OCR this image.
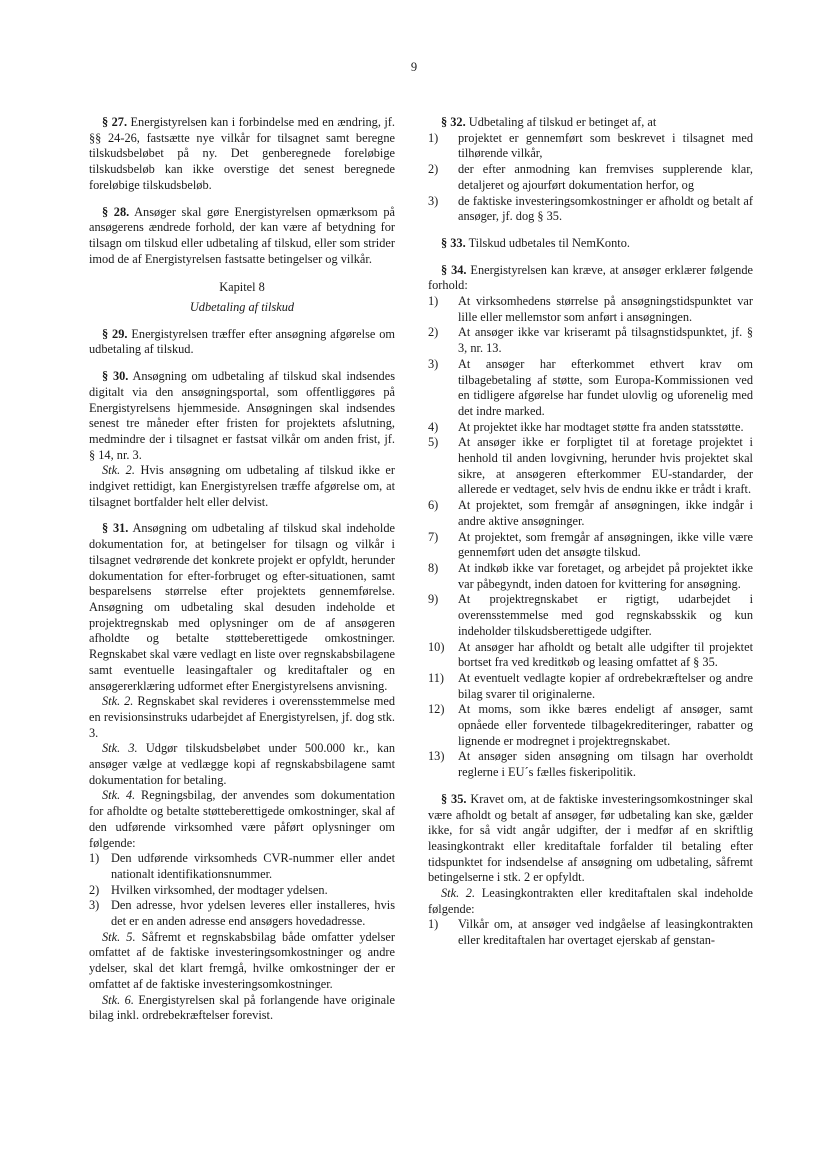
9

§ 27. Energistyrelsen kan i forbindelse med en ændring, jf. §§ 24-26, fastsætte nye vilkår for tilsagnet samt beregne tilskudsbeløbet på ny. Det genberegnede foreløbige tilskudsbeløb kan ikke overstige det senest beregnede foreløbige tilskudsbeløb.

§ 28. Ansøger skal gøre Energistyrelsen opmærksom på ansøgerens ændrede forhold, der kan være af betydning for tilsagn om tilskud eller udbetaling af tilskud, eller som strider imod de af Energistyrelsen fastsatte betingelser og vilkår.

Kapitel 8

Udbetaling af tilskud

§ 29. Energistyrelsen træffer efter ansøgning afgørelse om udbetaling af tilskud.

§ 30. Ansøgning om udbetaling af tilskud skal indsendes digitalt via den ansøgningsportal, som offentliggøres på Energistyrelsens hjemmeside. Ansøgningen skal indsendes senest tre måneder efter fristen for projektets afslutning, medmindre der i tilsagnet er fastsat vilkår om anden frist, jf. § 14, nr. 3.

Stk. 2. Hvis ansøgning om udbetaling af tilskud ikke er indgivet rettidigt, kan Energistyrelsen træffe afgørelse om, at tilsagnet bortfalder helt eller delvist.

§ 31. Ansøgning om udbetaling af tilskud skal indeholde dokumentation for, at betingelser for tilsagn og vilkår i tilsagnet vedrørende det konkrete projekt er opfyldt, herunder dokumentation for efter-forbruget og efter-situationen, samt besparelsens størrelse efter projektets gennemførelse. Ansøgning om udbetaling skal desuden indeholde et projektregnskab med oplysninger om de af ansøgeren afholdte og betalte støtteberettigede omkostninger. Regnskabet skal være vedlagt en liste over regnskabsbilagene samt eventuelle leasingaftaler og kreditaftaler og en ansøgererklæring udformet efter Energistyrelsens anvisning.

Stk. 2. Regnskabet skal revideres i overensstemmelse med en revisionsinstruks udarbejdet af Energistyrelsen, jf. dog stk. 3.

Stk. 3. Udgør tilskudsbeløbet under 500.000 kr., kan ansøger vælge at vedlægge kopi af regnskabsbilagene samt dokumentation for betaling.

Stk. 4. Regningsbilag, der anvendes som dokumentation for afholdte og betalte støtteberettigede omkostninger, skal af den udførende virksomhed være påført oplysninger om følgende:

1) Den udførende virksomheds CVR-nummer eller andet nationalt identifikationsnummer.
2) Hvilken virksomhed, der modtager ydelsen.
3) Den adresse, hvor ydelsen leveres eller installeres, hvis det er en anden adresse end ansøgers hovedadresse.

Stk. 5. Såfremt et regnskabsbilag både omfatter ydelser omfattet af de faktiske investeringsomkostninger og andre ydelser, skal det klart fremgå, hvilke omkostninger der er omfattet af de faktiske investeringsomkostninger.

Stk. 6. Energistyrelsen skal på forlangende have originale bilag inkl. ordrebekræftelser forevist.

§ 32. Udbetaling af tilskud er betinget af, at

1)	projektet er gennemført som beskrevet i tilsagnet med tilhørende vilkår,
2)	der efter anmodning kan fremvises supplerende klar, detaljeret og ajourført dokumentation herfor, og
3)	de faktiske investeringsomkostninger er afholdt og betalt af ansøger, jf. dog § 35.

§ 33. Tilskud udbetales til NemKonto.

§ 34. Energistyrelsen kan kræve, at ansøger erklærer følgende forhold:

1)	At virksomhedens størrelse på ansøgningstidspunktet var lille eller mellemstor som anført i ansøgningen.
2)	At ansøger ikke var kriseramt på tilsagnstidspunktet, jf. § 3, nr. 13.
3)	At ansøger har efterkommet ethvert krav om tilbagebetaling af støtte, som Europa-Kommissionen ved en tidligere afgørelse har fundet ulovlig og uforenelig med det indre marked.
4)	At projektet ikke har modtaget støtte fra anden statsstøtte.
5)	At ansøger ikke er forpligtet til at foretage projektet i henhold til anden lovgivning, herunder hvis projektet skal sikre, at ansøgeren efterkommer EU-standarder, der allerede er vedtaget, selv hvis de endnu ikke er trådt i kraft.
6)	At projektet, som fremgår af ansøgningen, ikke indgår i andre aktive ansøgninger.
7)	At projektet, som fremgår af ansøgningen, ikke ville være gennemført uden det ansøgte tilskud.
8)	At indkøb ikke var foretaget, og arbejdet på projektet ikke var påbegyndt, inden datoen for kvittering for ansøgning.
9)	At projektregnskabet er rigtigt, udarbejdet i overensstemmelse med god regnskabsskik og kun indeholder tilskudsberettigede udgifter.
10)	At ansøger har afholdt og betalt alle udgifter til projektet bortset fra ved kreditkøb og leasing omfattet af § 35.
11)	At eventuelt vedlagte kopier af ordrebekræftelser og andre bilag svarer til originalerne.
12)	At moms, som ikke bæres endeligt af ansøger, samt opnåede eller forventede tilbagekrediteringer, rabatter og lignende er modregnet i projektregnskabet.
13)	At ansøger siden ansøgning om tilsagn har overholdt reglerne i EU´s fælles fiskeripolitik.

§ 35. Kravet om, at de faktiske investeringsomkostninger skal være afholdt og betalt af ansøger, før udbetaling kan ske, gælder ikke, for så vidt angår udgifter, der i medfør af en skriftlig leasingkontrakt eller kreditaftale forfalder til betaling efter tidspunktet for indsendelse af ansøgning om udbetaling, såfremt betingelserne i stk. 2 er opfyldt.

Stk. 2. Leasingkontrakten eller kreditaftalen skal indeholde følgende:

1)	Vilkår om, at ansøger ved indgåelse af leasingkontrakten eller kreditaftalen har overtaget ejerskab af genstan-
